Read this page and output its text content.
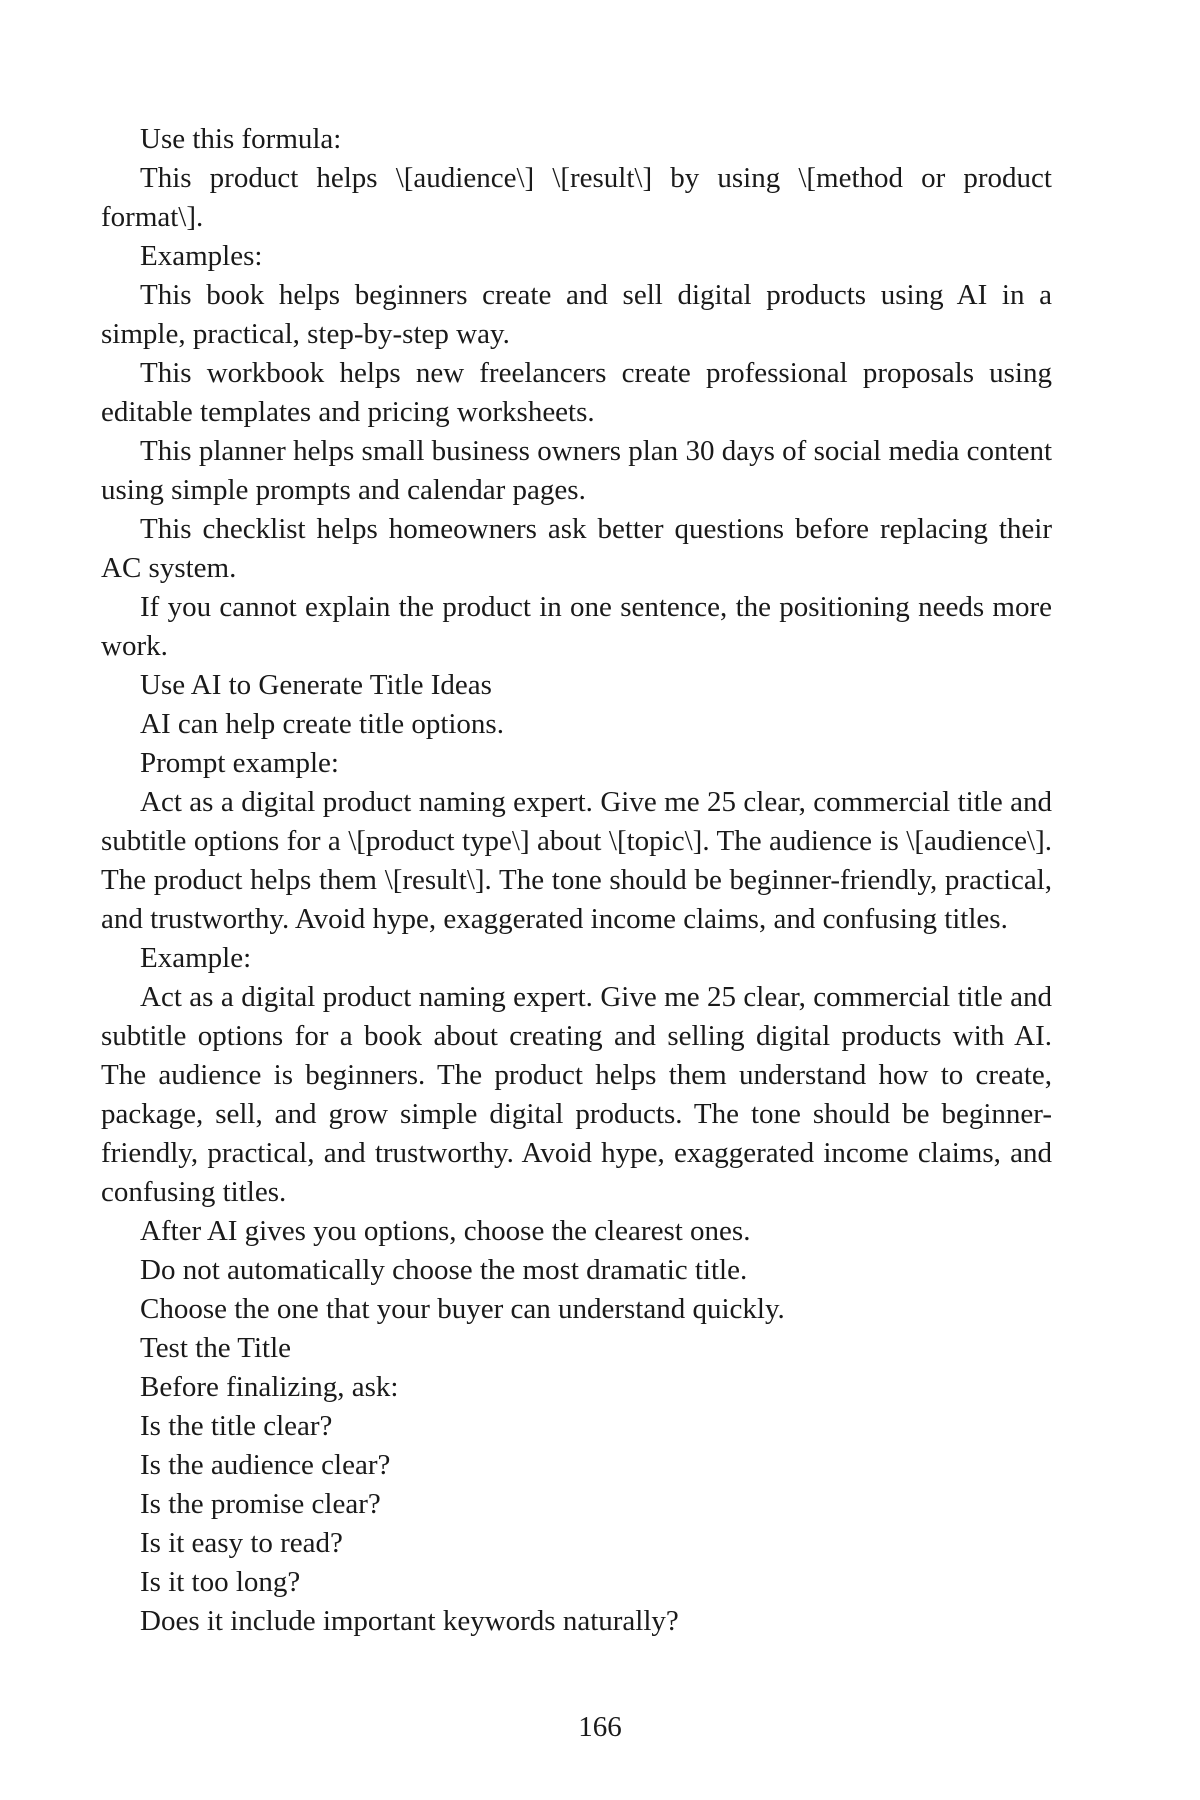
Use this formula:

This product helps \[audience\] \[result\] by using \[method or product format\].

Examples:

This book helps beginners create and sell digital products using AI in a simple, practical, step-by-step way.

This workbook helps new freelancers create professional proposals using editable templates and pricing worksheets.

This planner helps small business owners plan 30 days of social media content using simple prompts and calendar pages.

This checklist helps homeowners ask better questions before replacing their AC system.

If you cannot explain the product in one sentence, the positioning needs more work.

Use AI to Generate Title Ideas

AI can help create title options.

Prompt example:

Act as a digital product naming expert. Give me 25 clear, commercial title and subtitle options for a \[product type\] about \[topic\]. The audience is \[audience\]. The product helps them \[result\]. The tone should be beginner-friendly, practical, and trustworthy. Avoid hype, exaggerated income claims, and confusing titles.

Example:

Act as a digital product naming expert. Give me 25 clear, commercial title and subtitle options for a book about creating and selling digital products with AI. The audience is beginners. The product helps them understand how to create, package, sell, and grow simple digital products. The tone should be beginner-friendly, practical, and trustworthy. Avoid hype, exaggerated income claims, and confusing titles.

After AI gives you options, choose the clearest ones.

Do not automatically choose the most dramatic title.

Choose the one that your buyer can understand quickly.

Test the Title

Before finalizing, ask:

Is the title clear?

Is the audience clear?

Is the promise clear?

Is it easy to read?

Is it too long?

Does it include important keywords naturally?

166
